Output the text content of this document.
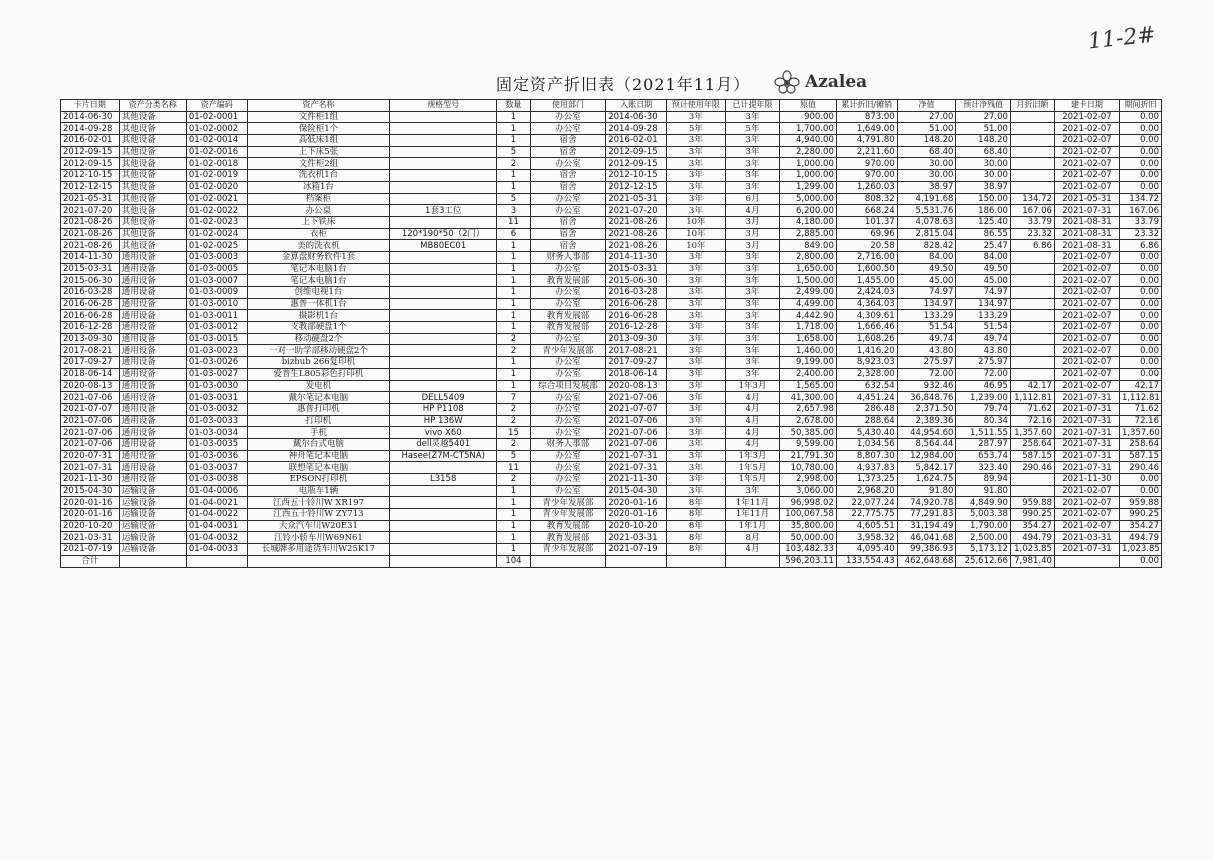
11-2#
固定资产折旧表（2021年11月）	Azalea
卡片日期	资产分类名称	资产编码	资产名称	规格型号	数量	使用部门	入账日期	预计使用年限	已计提年限	原值	累计折旧/摊销	净值	预计净残值	月折旧额	建卡日期	期间折旧
2014-06-30	其他设备	01-02-0001	文件柜1组		1	办公室	2014-06-30	3年	3年	900.00	873.00	27.00	27.00		2021-02-07	0.00
2014-09-28	其他设备	01-02-0002	保险柜1个		1	办公室	2014-09-28	5年	5年	1,700.00	1,649.00	51.00	51.00		2021-02-07	0.00
2016-02-01	其他设备	01-02-0014	高低床1组		1	宿舍	2016-02-01	3年	3年	4,940.00	4,791.80	148.20	148.20		2021-02-07	0.00
2012-09-15	其他设备	01-02-0016	上下床5张		5	宿舍	2012-09-15	3年	3年	2,280.00	2,211.60	68.40	68.40		2021-02-07	0.00
2012-09-15	其他设备	01-02-0018	文件柜2组		2	办公室	2012-09-15	3年	3年	1,000.00	970.00	30.00	30.00		2021-02-07	0.00
2012-10-15	其他设备	01-02-0019	洗衣机1台		1	宿舍	2012-10-15	3年	3年	1,000.00	970.00	30.00	30.00		2021-02-07	0.00
2012-12-15	其他设备	01-02-0020	冰箱1台		1	宿舍	2012-12-15	3年	3年	1,299.00	1,260.03	38.97	38.97		2021-02-07	0.00
2021-05-31	其他设备	01-02-0021	档案柜		5	办公室	2021-05-31	3年	6月	5,000.00	808.32	4,191.68	150.00	134.72	2021-05-31	134.72
2021-07-20	其他设备	01-02-0022	办公桌	1套3工位	3	办公室	2021-07-20	3年	4月	6,200.00	668.24	5,531.76	186.00	167.06	2021-07-31	167.06
2021-08-26	其他设备	01-02-0023	上下铁床		11	宿舍	2021-08-26	10年	3月	4,180.00	101.37	4,078.63	125.40	33.79	2021-08-31	33.79
2021-08-26	其他设备	01-02-0024	衣柜	120*190*50（2门）	6	宿舍	2021-08-26	10年	3月	2,885.00	69.96	2,815.04	86.55	23.32	2021-08-31	23.32
2021-08-26	其他设备	01-02-0025	美的洗衣机	MB80EC01	1	宿舍	2021-08-26	10年	3月	849.00	20.58	828.42	25.47	6.86	2021-08-31	6.86
2014-11-30	通用设备	01-03-0003	金算盘财务软件1套		1	财务人事部	2014-11-30	3年	3年	2,800.00	2,716.00	84.00	84.00		2021-02-07	0.00
2015-03-31	通用设备	01-03-0005	笔记本电脑1台		1	办公室	2015-03-31	3年	3年	1,650.00	1,600.50	49.50	49.50		2021-02-07	0.00
2015-06-30	通用设备	01-03-0007	笔记本电脑1台		1	教育发展部	2015-06-30	3年	3年	1,500.00	1,455.00	45.00	45.00		2021-02-07	0.00
2016-03-28	通用设备	01-03-0009	创维电视1台		1	办公室	2016-03-28	3年	3年	2,499.00	2,424.03	74.97	74.97		2021-02-07	0.00
2016-06-28	通用设备	01-03-0010	惠普一体机1台		1	办公室	2016-06-28	3年	3年	4,499.00	4,364.03	134.97	134.97		2021-02-07	0.00
2016-06-28	通用设备	01-03-0011	摄影机1台		1	教育发展部	2016-06-28	3年	3年	4,442.90	4,309.61	133.29	133.29		2021-02-07	0.00
2016-12-28	通用设备	01-03-0012	支教部硬盘1个		1	教育发展部	2016-12-28	3年	3年	1,718.00	1,666.46	51.54	51.54		2021-02-07	0.00
2013-09-30	通用设备	01-03-0015	移动硬盘2个		2	办公室	2013-09-30	3年	3年	1,658.00	1,608.26	49.74	49.74		2021-02-07	0.00
2017-08-21	通用设备	01-03-0023	一对一助学部移动硬盘2个		2	青少年发展部	2017-08-21	3年	3年	1,460.00	1,416.20	43.80	43.80		2021-02-07	0.00
2017-09-27	通用设备	01-03-0026	bizhub 266复印机		1	办公室	2017-09-27	3年	3年	9,199.00	8,923.03	275.97	275.97		2021-02-07	0.00
2018-06-14	通用设备	01-03-0027	爱普生L805彩色打印机		1	办公室	2018-06-14	3年	3年	2,400.00	2,328.00	72.00	72.00		2021-02-07	0.00
2020-08-13	通用设备	01-03-0030	发电机		1	综合项目发展部	2020-08-13	3年	1年3月	1,565.00	632.54	932.46	46.95	42.17	2021-02-07	42.17
2021-07-06	通用设备	01-03-0031	戴尔笔记本电脑	DELL5409	7	办公室	2021-07-06	3年	4月	41,300.00	4,451.24	36,848.76	1,239.00	1,112.81	2021-07-31	1,112.81
2021-07-07	通用设备	01-03-0032	惠普打印机	HP P1108	2	办公室	2021-07-07	3年	4月	2,657.98	286.48	2,371.50	79.74	71.62	2021-07-31	71.62
2021-07-06	通用设备	01-03-0033	打印机	HP 136W	2	办公室	2021-07-06	3年	4月	2,678.00	288.64	2,389.36	80.34	72.16	2021-07-31	72.16
2021-07-06	通用设备	01-03-0034	手机	vivo X60	15	办公室	2021-07-06	3年	4月	50,385.00	5,430.40	44,954.60	1,511.55	1,357.60	2021-07-31	1,357.60
2021-07-06	通用设备	01-03-0035	戴尔台式电脑	dell灵越5401	2	财务人事部	2021-07-06	3年	4月	9,599.00	1,034.56	8,564.44	287.97	258.64	2021-07-31	258.64
2020-07-31	通用设备	01-03-0036	神舟笔记本电脑	Hasee(Z7M-CT5NA)	5	办公室	2021-07-31	3年	1年3月	21,791.30	8,807.30	12,984.00	653.74	587.15	2021-07-31	587.15
2021-07-31	通用设备	01-03-0037	联想笔记本电脑		11	办公室	2021-07-31	3年	1年5月	10,780.00	4,937.83	5,842.17	323.40	290.46	2021-07-31	290.46
2021-11-30	通用设备	01-03-0038	EPSON打印机	L3158	2	办公室	2021-11-30	3年	1年5月	2,998.00	1,373.25	1,624.75	89.94		2021-11-30	0.00
2015-04-30	运输设备	01-04-0006	电瓶车1辆		1	办公室	2015-04-30	3年	3年	3,060.00	2,968.20	91.80	91.80		2021-02-07	0.00
2020-01-16	运输设备	01-04-0021	江西五十铃川W XR197		1	青少年发展部	2020-01-16	8年	1年11月	96,998.02	22,077.24	74,920.78	4,849.90	959.88	2021-02-07	959.88
2020-01-16	运输设备	01-04-0022	江西五十铃川W ZY713		1	青少年发展部	2020-01-16	8年	1年11月	100,067.58	22,775.75	77,291.83	5,003.38	990.25	2021-02-07	990.25
2020-10-20	运输设备	01-04-0031	大众汽车川W20E31		1	教育发展部	2020-10-20	8年	1年1月	35,800.00	4,605.51	31,194.49	1,790.00	354.27	2021-02-07	354.27
2021-03-31	运输设备	01-04-0032	江铃小轿车川W69N61		1	教育发展部	2021-03-31	8年	8月	50,000.00	3,958.32	46,041.68	2,500.00	494.79	2021-03-31	494.79
2021-07-19	运输设备	01-04-0033	长城牌多用途货车川W25K17		1	青少年发展部	2021-07-19	8年	4月	103,482.33	4,095.40	99,386.93	5,173.12	1,023.85	2021-07-31	1,023.85
合计					104					596,203.11	133,554.43	462,648.68	25,612.66	7,981.40		0.00
